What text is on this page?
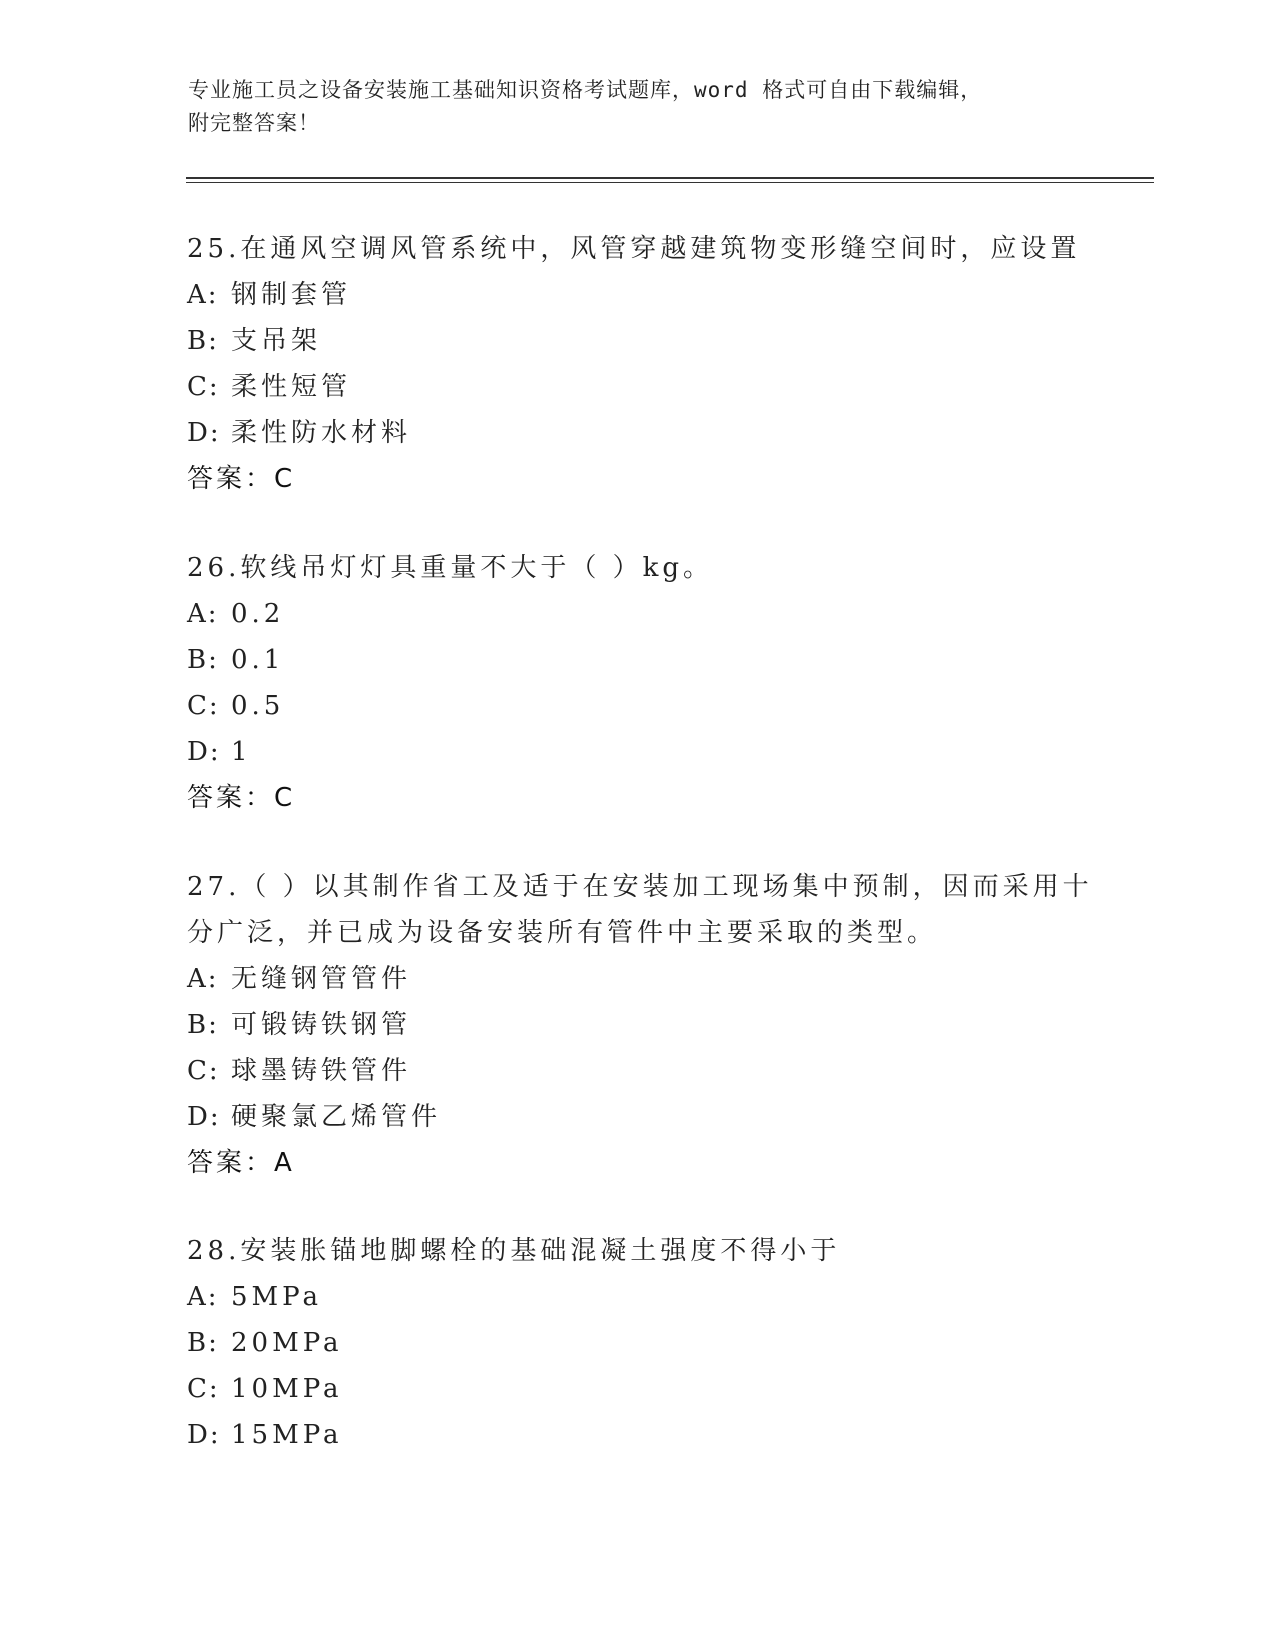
专业施工员之设备安装施工基础知识资格考试题库，word 格式可自由下载编辑，
附完整答案！
25.在通风空调风管系统中，风管穿越建筑物变形缝空间时，应设置
A: 钢制套管
B: 支吊架
C: 柔性短管
D: 柔性防水材料
答案：C
26.软线吊灯灯具重量不大于（ ）kg。
A: 0.2
B: 0.1
C: 0.5
D: 1
答案：C
27.（ ）以其制作省工及适于在安装加工现场集中预制，因而采用十
分广泛，并已成为设备安装所有管件中主要采取的类型。
A: 无缝钢管管件
B: 可锻铸铁钢管
C: 球墨铸铁管件
D: 硬聚氯乙烯管件
答案：A
28.安装胀锚地脚螺栓的基础混凝土强度不得小于
A: 5MPa
B: 20MPa
C: 10MPa
D: 15MPa
